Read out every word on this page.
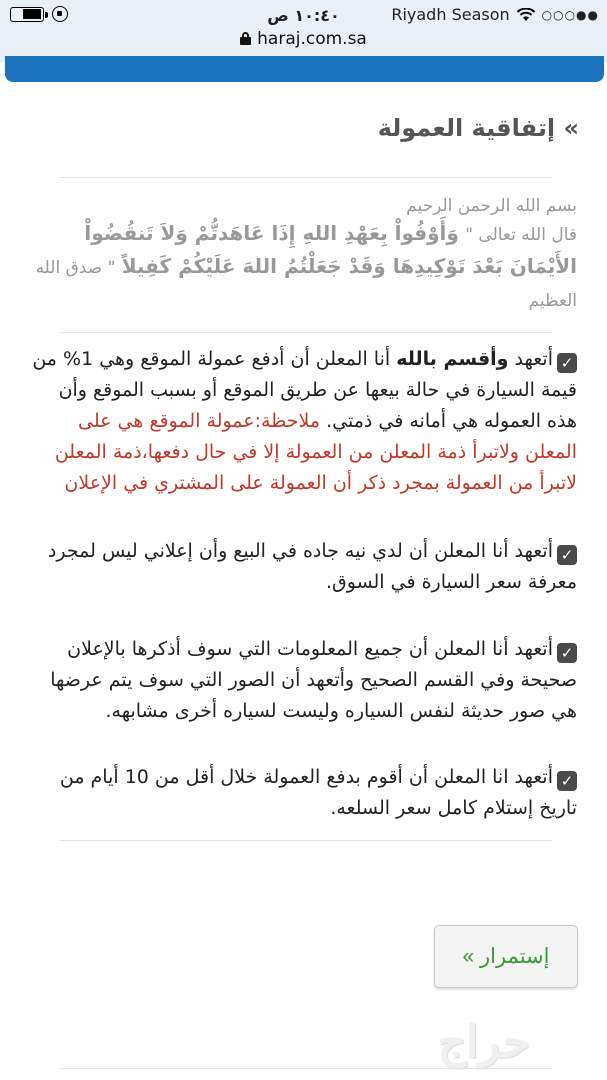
١٠:٤٠ ص	Riyadh Season	○○○●●
haraj.com.sa
» إتفاقية العمولة
بسم الله الرحمن الرحيم
قال الله تعالى " وَأَوْفُواْ بِعَهْدِ اللهِ إِذَا عَاهَدتُّمْ وَلاَ تَنقُضُواْ الأَيْمَانَ بَعْدَ تَوْكِيدِهَا وَقَدْ جَعَلْتُمُ اللهَ عَلَيْكُمْ كَفِيلاً " صدق الله العظيم
✓أتعهد وأقسم بالله أنا المعلن أن أدفع عمولة الموقع وهي 1% من قيمة السيارة في حالة بيعها عن طريق الموقع أو بسبب الموقع وأن هذه العموله هي أمانه في ذمتي. ملاحظة:عمولة الموقع هي على المعلن ولاتبرأ ذمة المعلن من العمولة إلا في حال دفعها،ذمة المعلن لاتبرأ من العمولة بمجرد ذكر أن العمولة على المشتري في الإعلان
✓أتعهد أنا المعلن أن لدي نيه جاده في البيع وأن إعلاني ليس لمجرد معرفة سعر السيارة في السوق.
✓أتعهد أنا المعلن أن جميع المعلومات التي سوف أذكرها بالإعلان صحيحة وفي القسم الصحيح وأتعهد أن الصور التي سوف يتم عرضها هي صور حديثة لنفس السياره وليست لسياره أخرى مشابهه.
✓أتعهد انا المعلن أن أقوم بدفع العمولة خلال أقل من 10 أيام من تاريخ إستلام كامل سعر السلعه.
إستمرار »
حراج
